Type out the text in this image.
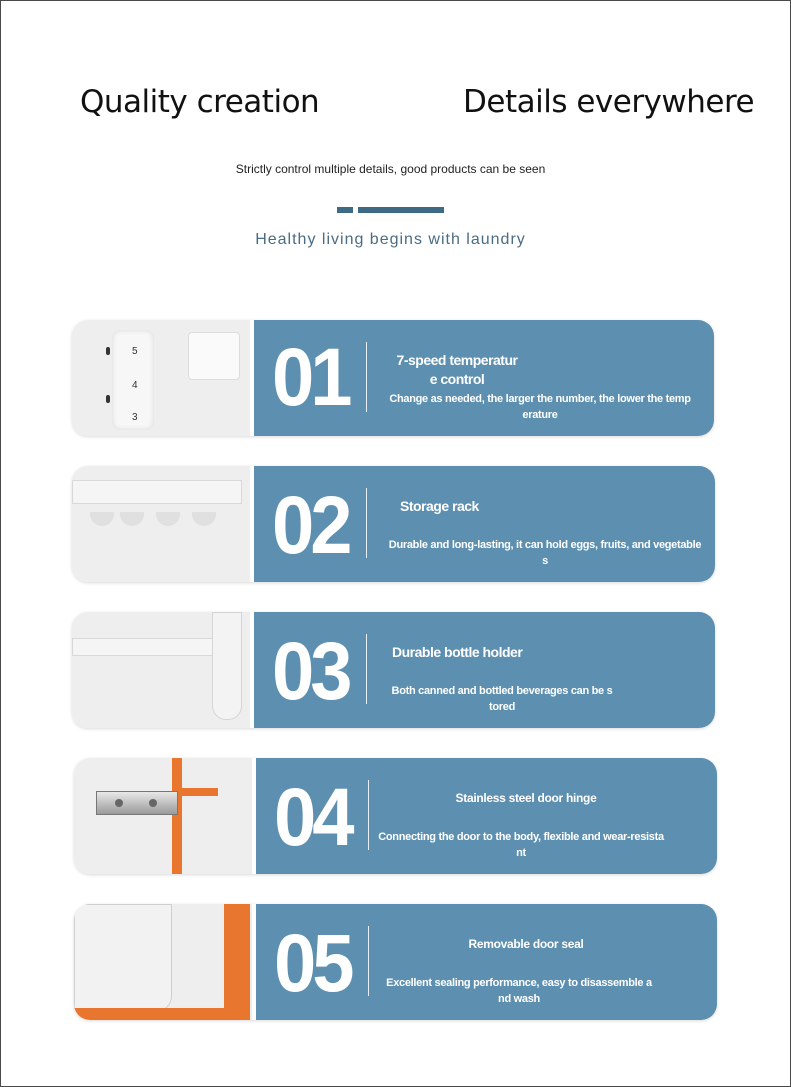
Quality creation	Details everywhere
Strictly control multiple details, good products can be seen
Healthy living begins with laundry
5
4
3 01	7-speed temperatur
e control
Change as needed, the larger the number, the lower the temp
erature
02	Storage rack
Durable and long-lasting, it can hold eggs, fruits, and vegetable
s
03	Durable bottle holder
Both canned and bottled beverages can be s
tored
04	Stainless steel door hinge
Connecting the door to the body, flexible and wear-resista
nt
05	Removable door seal
Excellent sealing performance, easy to disassemble a
nd wash
